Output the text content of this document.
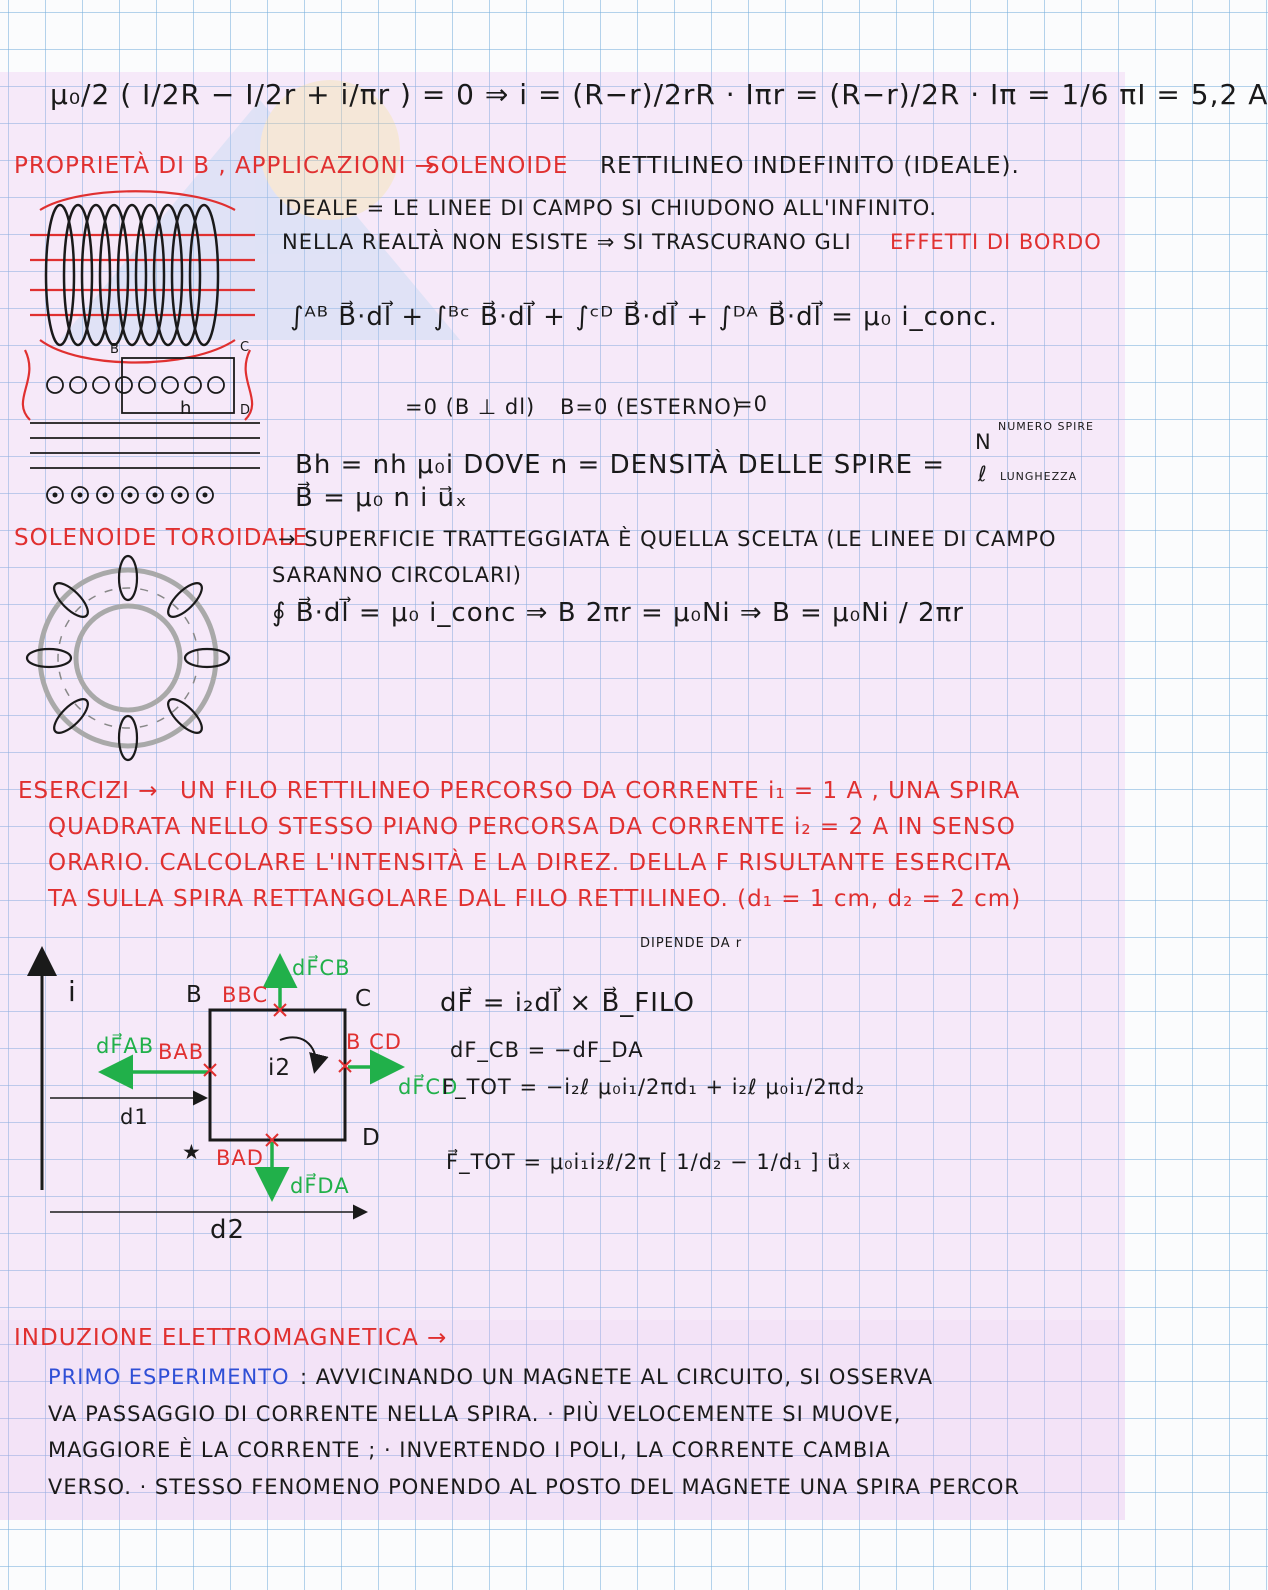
μ₀/2 ( I/2R − I/2r + i/πr ) = 0 ⇒ i = (R−r)/2rR · Iπr = (R−r)/2R · Iπ = 1/6 πI = 5,2 A
PROPRIETÀ DI B , APPLICAZIONI →
SOLENOIDE RETTILINEO INDEFINITO (IDEALE).
IDEALE = LE LINEE DI CAMPO SI CHIUDONO ALL'INFINITO.
NELLA REALTÀ NON ESISTE ⇒ SI TRASCURANO GLI EFFETTI DI BORDO
h
B	C
D
∫ᴬᴮ B⃗·dl⃗ + ∫ᴮᶜ B⃗·dl⃗ + ∫ᶜᴰ B⃗·dl⃗ + ∫ᴰᴬ B⃗·dl⃗ = μ₀ i_conc.
=0 (B ⊥ dl) B=0 (ESTERNO)
=0
Bh = nh μ₀i DOVE n = DENSITÀ DELLE SPIRE =
N
ℓ
NUMERO SPIRE
LUNGHEZZA
B⃗ = μ₀ n i u⃗ₓ
SOLENOIDE TOROIDALE
→ SUPERFICIE TRATTEGGIATA È QUELLA SCELTA (LE LINEE DI CAMPO
SARANNO CIRCOLARI)
∮ B⃗·dl⃗ = μ₀ i_conc ⇒ B 2πr = μ₀Ni ⇒ B = μ₀Ni / 2πr
ESERCIZI → UN FILO RETTILINEO PERCORSO DA CORRENTE i₁ = 1 A , UNA SPIRA
QUADRATA NELLO STESSO PIANO PERCORSA DA CORRENTE i₂ = 2 A IN SENSO
ORARIO. CALCOLARE L'INTENSITÀ E LA DIREZ. DELLA F RISULTANTE ESERCITA
TA SULLA SPIRA RETTANGOLARE DAL FILO RETTILINEO. (d₁ = 1 cm, d₂ = 2 cm)
i	B	C
D
★
BBC
BAB	B CD
BAD
dF⃗AB
dF⃗CB
dF⃗CD
dF⃗DA
i2
d1
d2
DIPENDE DA r
dF⃗ = i₂dl⃗ × B⃗_FILO
dF_CB = −dF_DA
F_TOT = −i₂ℓ μ₀i₁/2πd₁ + i₂ℓ μ₀i₁/2πd₂
F⃗_TOT = μ₀i₁i₂ℓ/2π [ 1/d₂ − 1/d₁ ] u⃗ₓ
INDUZIONE ELETTROMAGNETICA →
PRIMO ESPERIMENTO : AVVICINANDO UN MAGNETE AL CIRCUITO, SI OSSERVA
VA PASSAGGIO DI CORRENTE NELLA SPIRA. · PIÙ VELOCEMENTE SI MUOVE,
MAGGIORE È LA CORRENTE ; · INVERTENDO I POLI, LA CORRENTE CAMBIA
VERSO. · STESSO FENOMENO PONENDO AL POSTO DEL MAGNETE UNA SPIRA PERCOR
